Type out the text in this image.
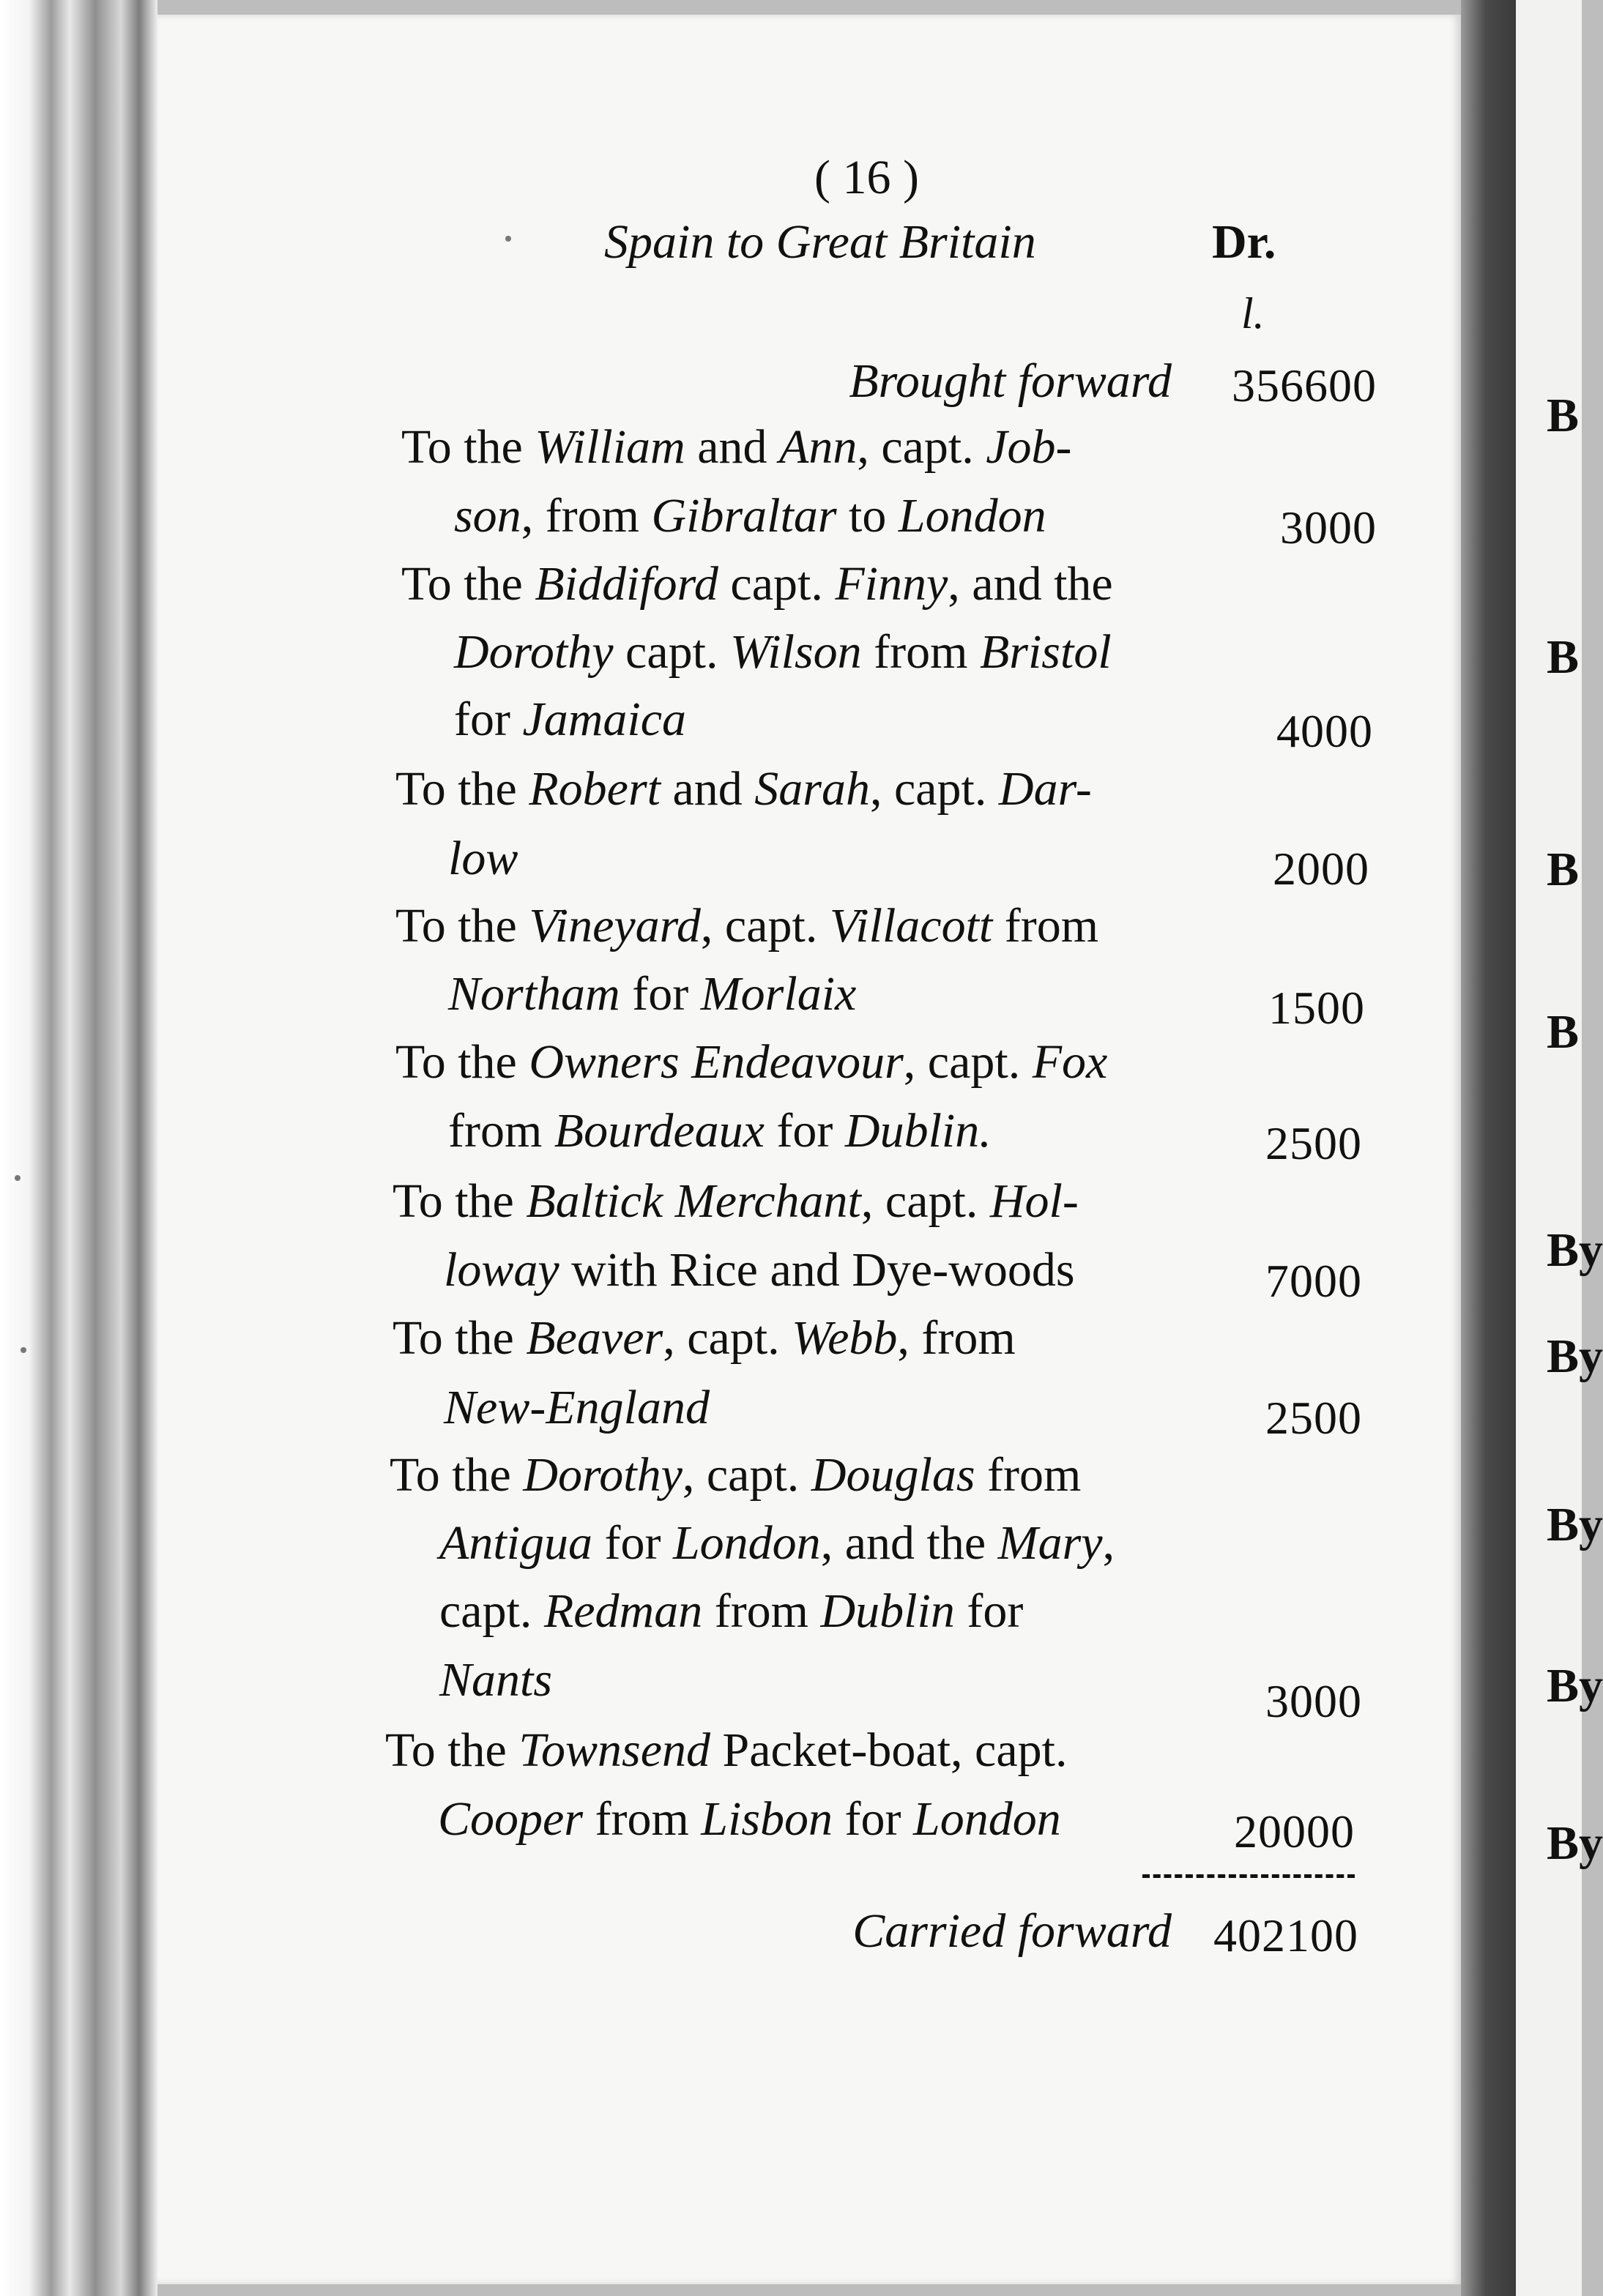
( 16 )
Spain to Great Britain	Dr.
l.
Brought forward 356600
To the William and Ann, capt. Job-
son, from Gibraltar to London	3000
To the Biddiford capt. Finny, and the
Dorothy capt. Wilson from Bristol
for Jamaica	4000
To the Robert and Sarah, capt. Dar-
low	2000
To the Vineyard, capt. Villacott from
Northam for Morlaix	1500
To the Owners Endeavour, capt. Fox
from Bourdeaux for Dublin.	2500
To the Baltick Merchant, capt. Hol-
loway with Rice and Dye-woods	7000
To the Beaver, capt. Webb, from
New-England	2500
To the Dorothy, capt. Douglas from
Antigua for London, and the Mary,
capt. Redman from Dublin for
Nants	3000
To the Townsend Packet-boat, capt.
Cooper from Lisbon for London	20000
Carried forward 402100
B
B
B
B
By
By
By
By
By
